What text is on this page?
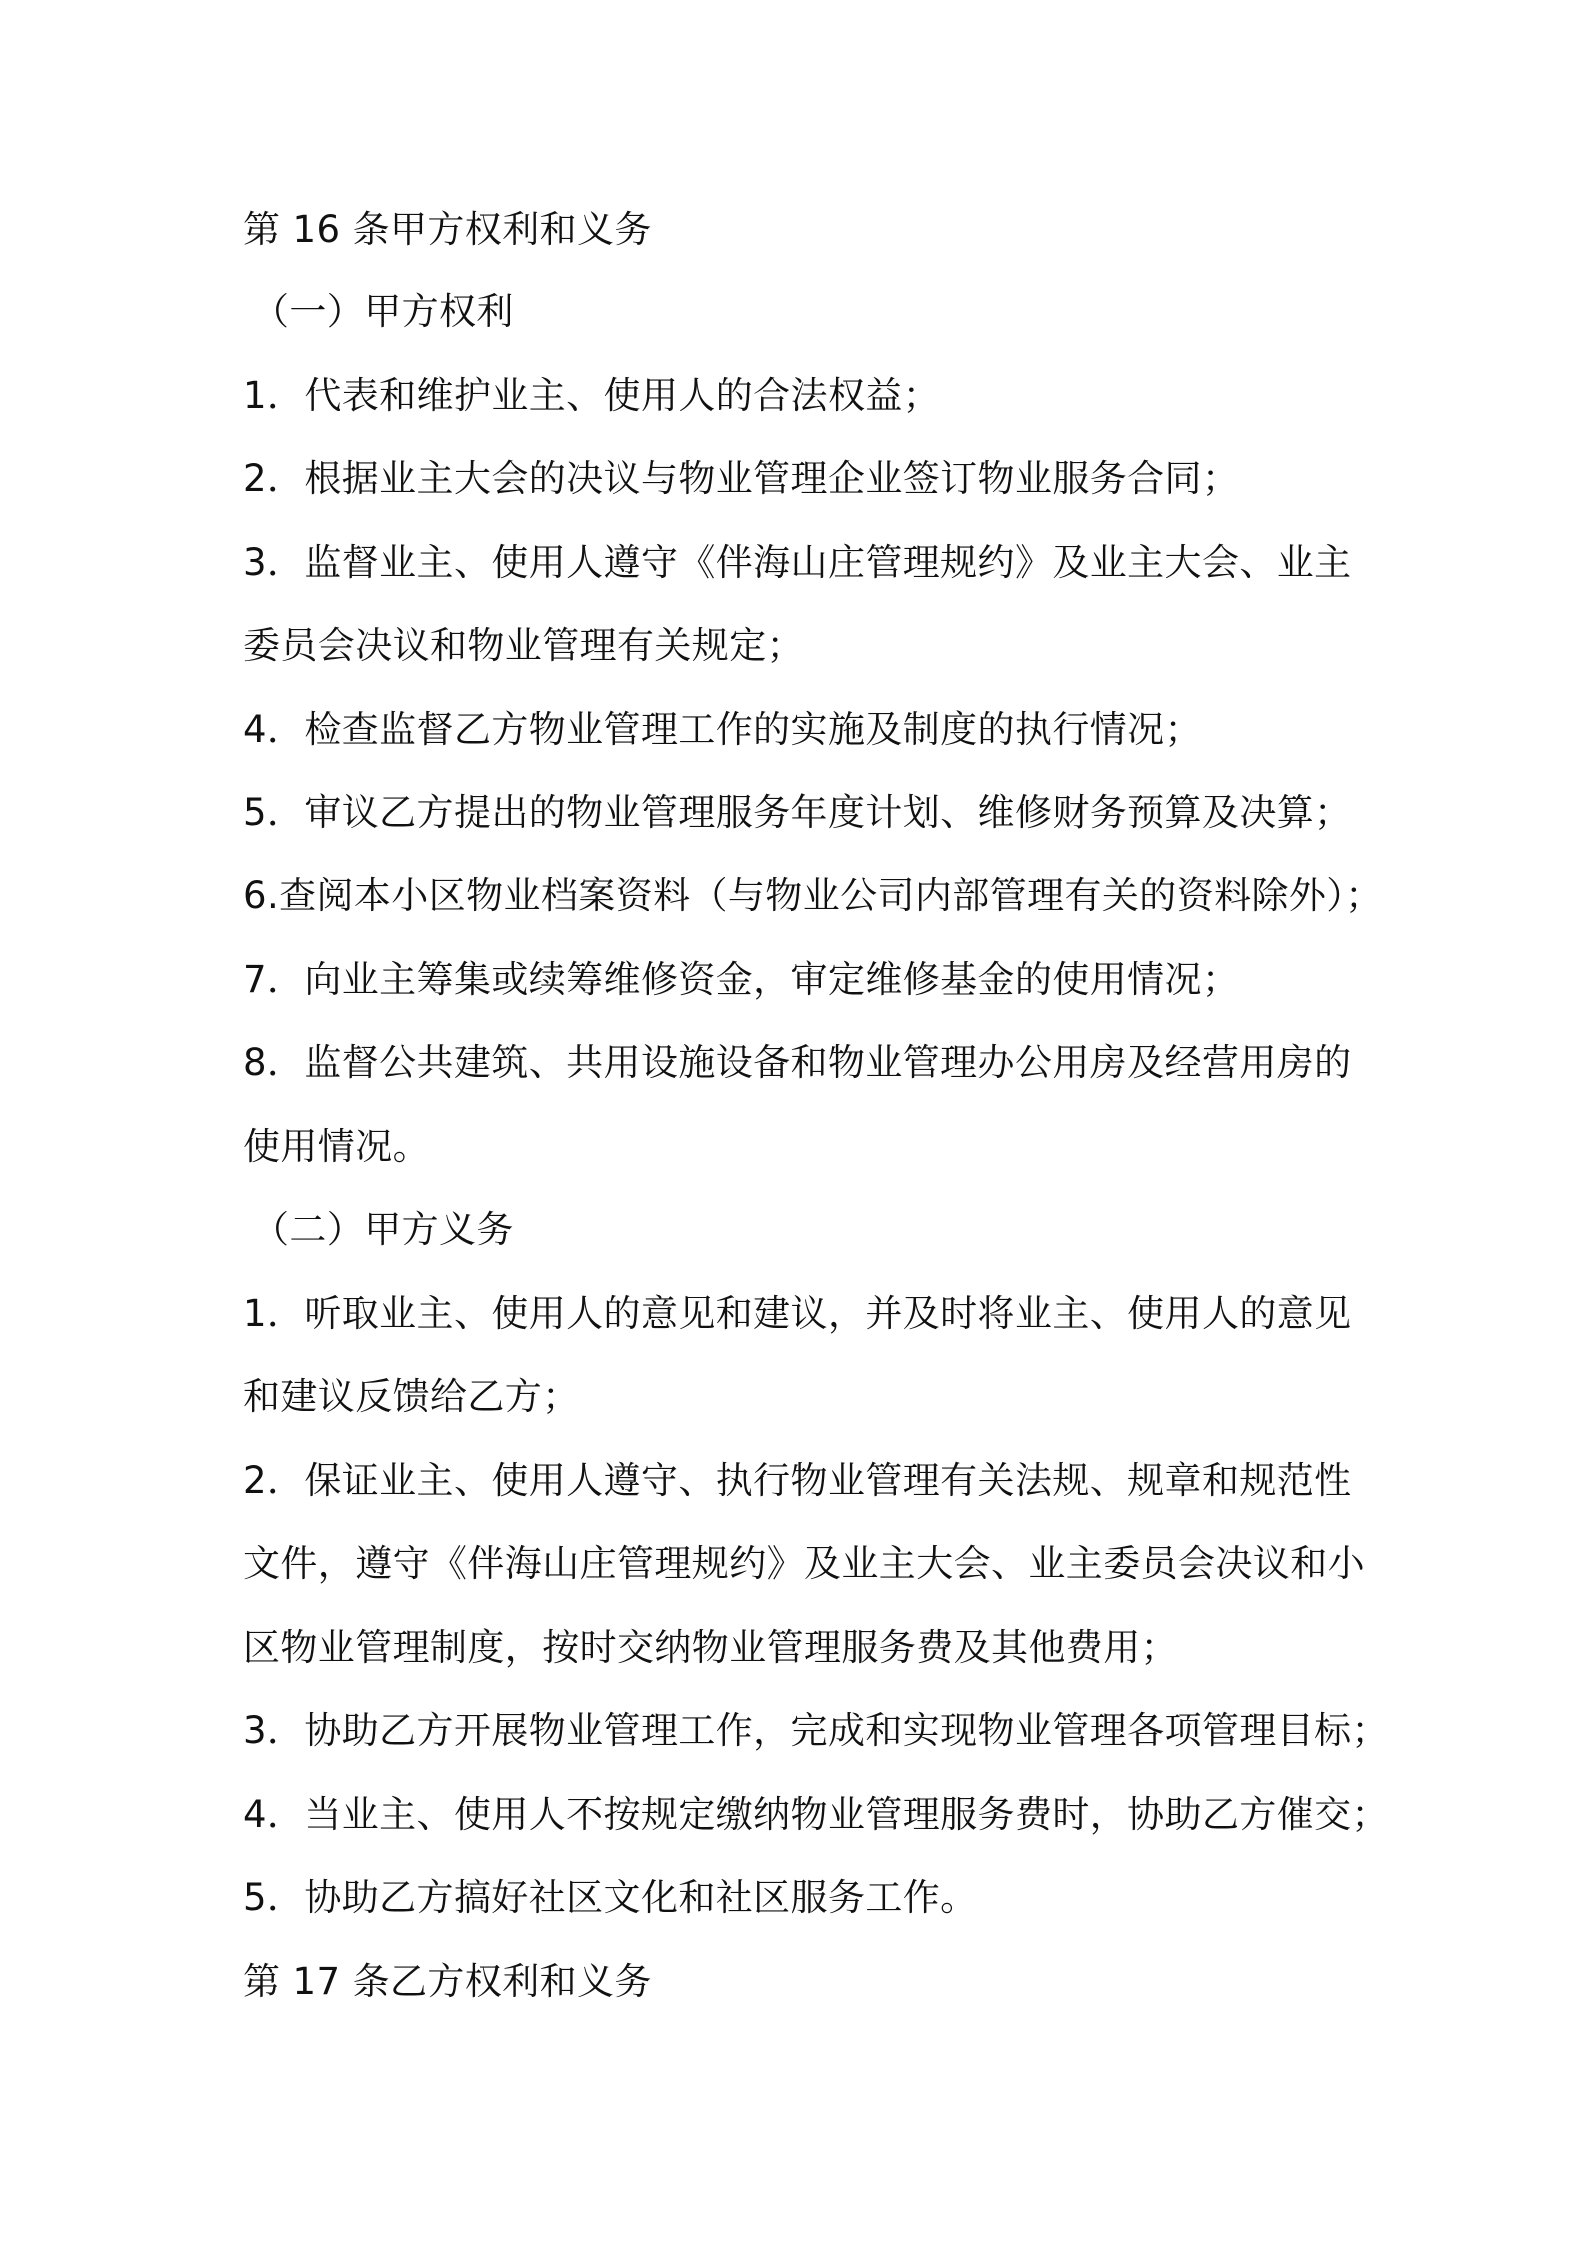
第 16 条甲方权利和义务
（一）甲方权利
1．代表和维护业主、使用人的合法权益；
2．根据业主大会的决议与物业管理企业签订物业服务合同；
3．监督业主、使用人遵守《伴海山庄管理规约》及业主大会、业主
委员会决议和物业管理有关规定；
4．检查监督乙方物业管理工作的实施及制度的执行情况；
5．审议乙方提出的物业管理服务年度计划、维修财务预算及决算；
6.查阅本小区物业档案资料（与物业公司内部管理有关的资料除外）；
7．向业主筹集或续筹维修资金，审定维修基金的使用情况；
8．监督公共建筑、共用设施设备和物业管理办公用房及经营用房的
使用情况。
（二）甲方义务
1．听取业主、使用人的意见和建议，并及时将业主、使用人的意见
和建议反馈给乙方；
2．保证业主、使用人遵守、执行物业管理有关法规、规章和规范性
文件，遵守《伴海山庄管理规约》及业主大会、业主委员会决议和小
区物业管理制度，按时交纳物业管理服务费及其他费用；
3．协助乙方开展物业管理工作，完成和实现物业管理各项管理目标；
4．当业主、使用人不按规定缴纳物业管理服务费时，协助乙方催交；
5．协助乙方搞好社区文化和社区服务工作。
第 17 条乙方权利和义务
